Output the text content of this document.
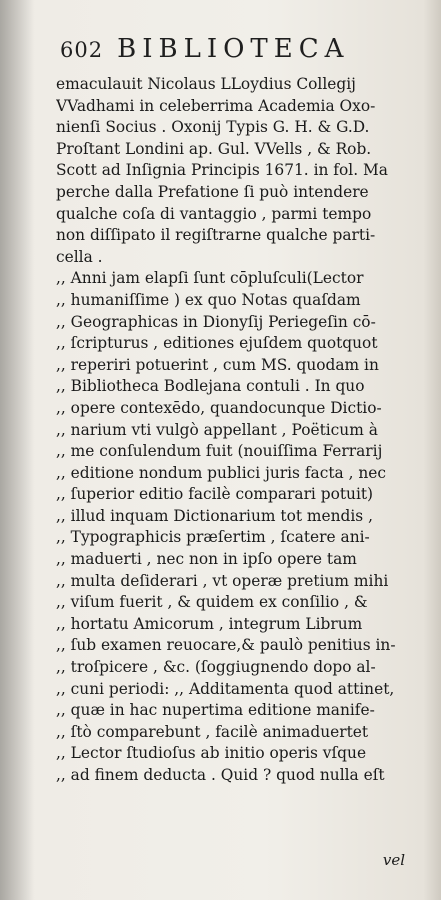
602 BIBLIOTECA
emaculauit Nicolaus LLoydius Collegij
VVadhami in celeberrima Academia Oxo-
nienſi Socius . Oxonij Typis G. H. & G.D.
Proſtant Londini ap. Gul. VVells , & Rob.
Scott ad Inſignia Principis 1671. in fol. Ma
perche dalla Prefatione ſi può intendere
qualche coſa di vantaggio , parmi tempo
non diſſipato il regiſtrarne qualche parti-
cella .
,, Anni jam elapſi ſunt cōpluſculi(Lector
,, humaniſſime ) ex quo Notas quaſdam
,, Geographicas in Dionyſij Periegeſin cō-
,, ſcripturus , editiones ejuſdem quotquot
,, reperiri potuerint , cum MS. quodam in
,, Bibliotheca Bodlejana contuli . In quo
,, opere contexēdo, quandocunque Dictio-
,, narium vti vulgò appellant , Poëticum à
,, me conſulendum fuit (nouiſſima Ferrarij
,, editione nondum publici juris facta , nec
,, ſuperior editio facilè comparari potuit)
,, illud inquam Dictionarium tot mendis ,
,, Typographicis præſertim , ſcatere ani-
,, maduerti , nec non in ipſo opere tam
,, multa deſiderari , vt operæ pretium mihi
,, viſum fuerit , & quidem ex conſilio , &
,, hortatu Amicorum , integrum Librum
,, ſub examen reuocare,& paulò penitius in-
,, troſpicere , &c. (ſoggiugnendo dopo al-
,, cuni periodi: ,, Additamenta quod attinet,
,, quæ in hac nupertima editione manife-
,, ſtò comparebunt , facilè animaduertet
,, Lector ſtudioſus ab initio operis vſque
,, ad finem deducta . Quid ? quod nulla eſt
vel
